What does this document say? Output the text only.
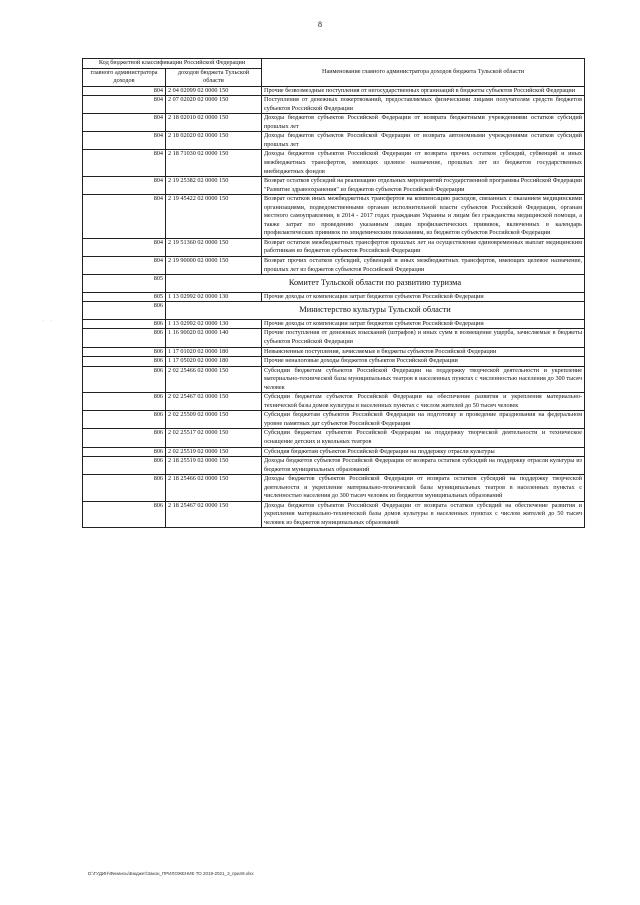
8
Код бюджетной классификации Российской Федерации		Наименование главного администратора доходов бюджета Тульской области
главного администратора доходов	доходов бюджета Тульской области	
804	2 04 02099 02 0000 150	Прочие безвозмездные поступления от негосударственных организаций в бюджеты субъектов Российской Федерации
804	2 07 02020 02 0000 150	Поступления от денежных пожертвований, предоставляемых физическими лицами получателям средств бюджетов субъектов Российской Федерации
804	2 18 02010 02 0000 150	Доходы бюджетов субъектов Российской Федерации от возврата бюджетными учреждениями остатков субсидий прошлых лет
804	2 18 02020 02 0000 150	Доходы бюджетов субъектов Российской Федерации от возврата автономными учреждениями остатков субсидий прошлых лет
804	2 18 71030 02 0000 150	Доходы бюджетов субъектов Российской Федерации от возврата прочих остатков субсидий, субвенций и иных межбюджетных трансфертов, имеющих целевое назначение, прошлых лет из бюджетов государственных внебюджетных фондов
804	2 19 25382 02 0000 150	Возврат остатков субсидий на реализацию отдельных мероприятий государственной программы Российской Федерации "Развитие здравоохранения" из бюджетов субъектов Российской Федерации
804	2 19 45422 02 0000 150	Возврат остатков иных межбюджетных трансфертов на компенсацию расходов, связанных с оказанием медицинскими организациями, подведомственными органам исполнительной власти субъектов Российской Федерации, органам местного самоуправления, в 2014 - 2017 годах гражданам Украины и лицам без гражданства медицинской помощи, а также затрат по проведению указанным лицам профилактических прививок, включенных в календарь профилактических прививок по эпидемическим показаниям, из бюджетов субъектов Российской Федерации
804	2 19 51360 02 0000 150	Возврат остатков межбюджетных трансфертов прошлых лет на осуществление единовременных выплат медицинским работникам из бюджетов субъектов Российской Федерации
804	2 19 90000 02 0000 150	Возврат прочих остатков субсидий, субвенций и иных межбюджетных трансфертов, имеющих целевое назначение, прошлых лет из бюджетов субъектов Российской Федерации
805	Комитет Тульской области по развитию туризма	
805	1 13 02992 02 0000 130	Прочие доходы от компенсации затрат бюджетов субъектов Российской Федерации
806	Министерство культуры Тульской области	
806	1 13 02992 02 0000 130	Прочие доходы от компенсации затрат бюджетов субъектов Российской Федерации
806	1 16 90020 02 0000 140	Прочие поступления от денежных взысканий (штрафов) и иных сумм в возмещение ущерба, зачисляемые в бюджеты субъектов Российской Федерации
806	1 17 01020 02 0000 180	Невыясненные поступления, зачисляемые в бюджеты субъектов Российской Федерации
806	1 17 05020 02 0000 180	Прочие неналоговые доходы бюджетов субъектов Российской Федерации
806	2 02 25466 02 0000 150	Субсидии бюджетам субъектов Российской Федерации на поддержку творческой деятельности и укрепление материально-технической базы муниципальных театров в населенных пунктах с численностью населения до 300 тысяч человек
806	2 02 25467 02 0000 150	Субсидии бюджетам субъектов Российской Федерации на обеспечение развития и укрепления материально-технической базы домов культуры в населенных пунктах с числом жителей до 50 тысяч человек
806	2 02 25509 02 0000 150	Субсидии бюджетам субъектов Российской Федерации на подготовку и проведение празднования на федеральном уровне памятных дат субъектов Российской Федерации
806	2 02 25517 02 0000 150	Субсидии бюджетам субъектов Российской Федерации на поддержку творческой деятельности и техническое оснащение детских и кукольных театров
806	2 02 25519 02 0000 150	Субсидия бюджетам субъектов Российской Федерации на поддержку отрасли культуры
806	2 18 25519 02 0000 150	Доходы бюджетов субъектов Российской Федерации от возврата остатков субсидий на поддержку отрасли культуры из бюджетов муниципальных образований
806	2 18 25466 02 0000 150	Доходы бюджетов субъектов Российской Федерации от возврата остатков субсидий на поддержку творческой деятельности и укрепление материально-технической базы муниципальных театров в населенных пунктах с численностью населения до 300 тысяч человек из бюджетов муниципальных образований
806	2 18 25467 02 0000 150	Доходы бюджетов субъектов Российской Федерации от возврата остатков субсидий на обеспечение развития и укрепления материально-технической базы домов культуры в населенных пунктах с числом жителей до 50 тысяч человек из бюджетов муниципальных образований
·    ·
D:\ГУДИН\Финансы\Бюджет\Закон_ПРИЛОЖЕНИЕ ТО 2019-2021_3_прил8.xlsx
